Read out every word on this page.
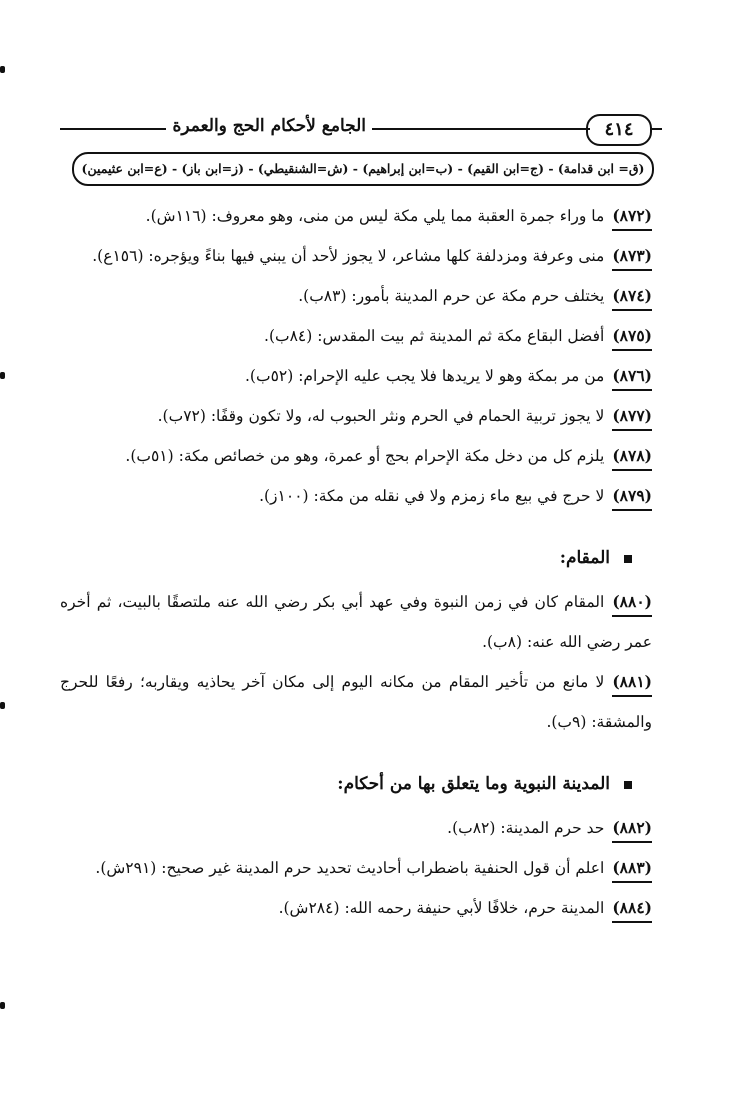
٤١٤
الجامع لأحكام الحج والعمرة
(ق= ابن قدامة) - (ج=ابن القيم) - (ب=ابن إبراهيم) - (ش=الشنقيطي) - (ز=ابن باز) - (ع=ابن عثيمين)
(٨٧٢)ما وراء جمرة العقبة مما يلي مكة ليس من منى، وهو معروف: (١١٦ش).
(٨٧٣)منى وعرفة ومزدلفة كلها مشاعر، لا يجوز لأحد أن يبني فيها بناءً ويؤجره: (١٥٦ع).
(٨٧٤)يختلف حرم مكة عن حرم المدينة بأمور: (٨٣ب).
(٨٧٥)أفضل البقاع مكة ثم المدينة ثم بيت المقدس: (٨٤ب).
(٨٧٦)من مر بمكة وهو لا يريدها فلا يجب عليه الإحرام: (٥٢ب).
(٨٧٧)لا يجوز تربية الحمام في الحرم ونثر الحبوب له، ولا تكون وقفًا: (٧٢ب).
(٨٧٨)يلزم كل من دخل مكة الإحرام بحج أو عمرة، وهو من خصائص مكة: (٥١ب).
(٨٧٩)لا حرج في بيع ماء زمزم ولا في نقله من مكة: (١٠٠ز).
المقام:
(٨٨٠)المقام كان في زمن النبوة وفي عهد أبي بكر رضي الله عنه ملتصقًا بالبيت، ثم أخره عمر رضي الله عنه: (٨ب).
(٨٨١)لا مانع من تأخير المقام من مكانه اليوم إلى مكان آخر يحاذيه ويقاربه؛ رفعًا للحرج والمشقة: (٩ب).
المدينة النبوية وما يتعلق بها من أحكام:
(٨٨٢)حد حرم المدينة: (٨٢ب).
(٨٨٣)اعلم أن قول الحنفية باضطراب أحاديث تحديد حرم المدينة غير صحيح: (٢٩١ش).
(٨٨٤)المدينة حرم، خلافًا لأبي حنيفة رحمه الله: (٢٨٤ش).
